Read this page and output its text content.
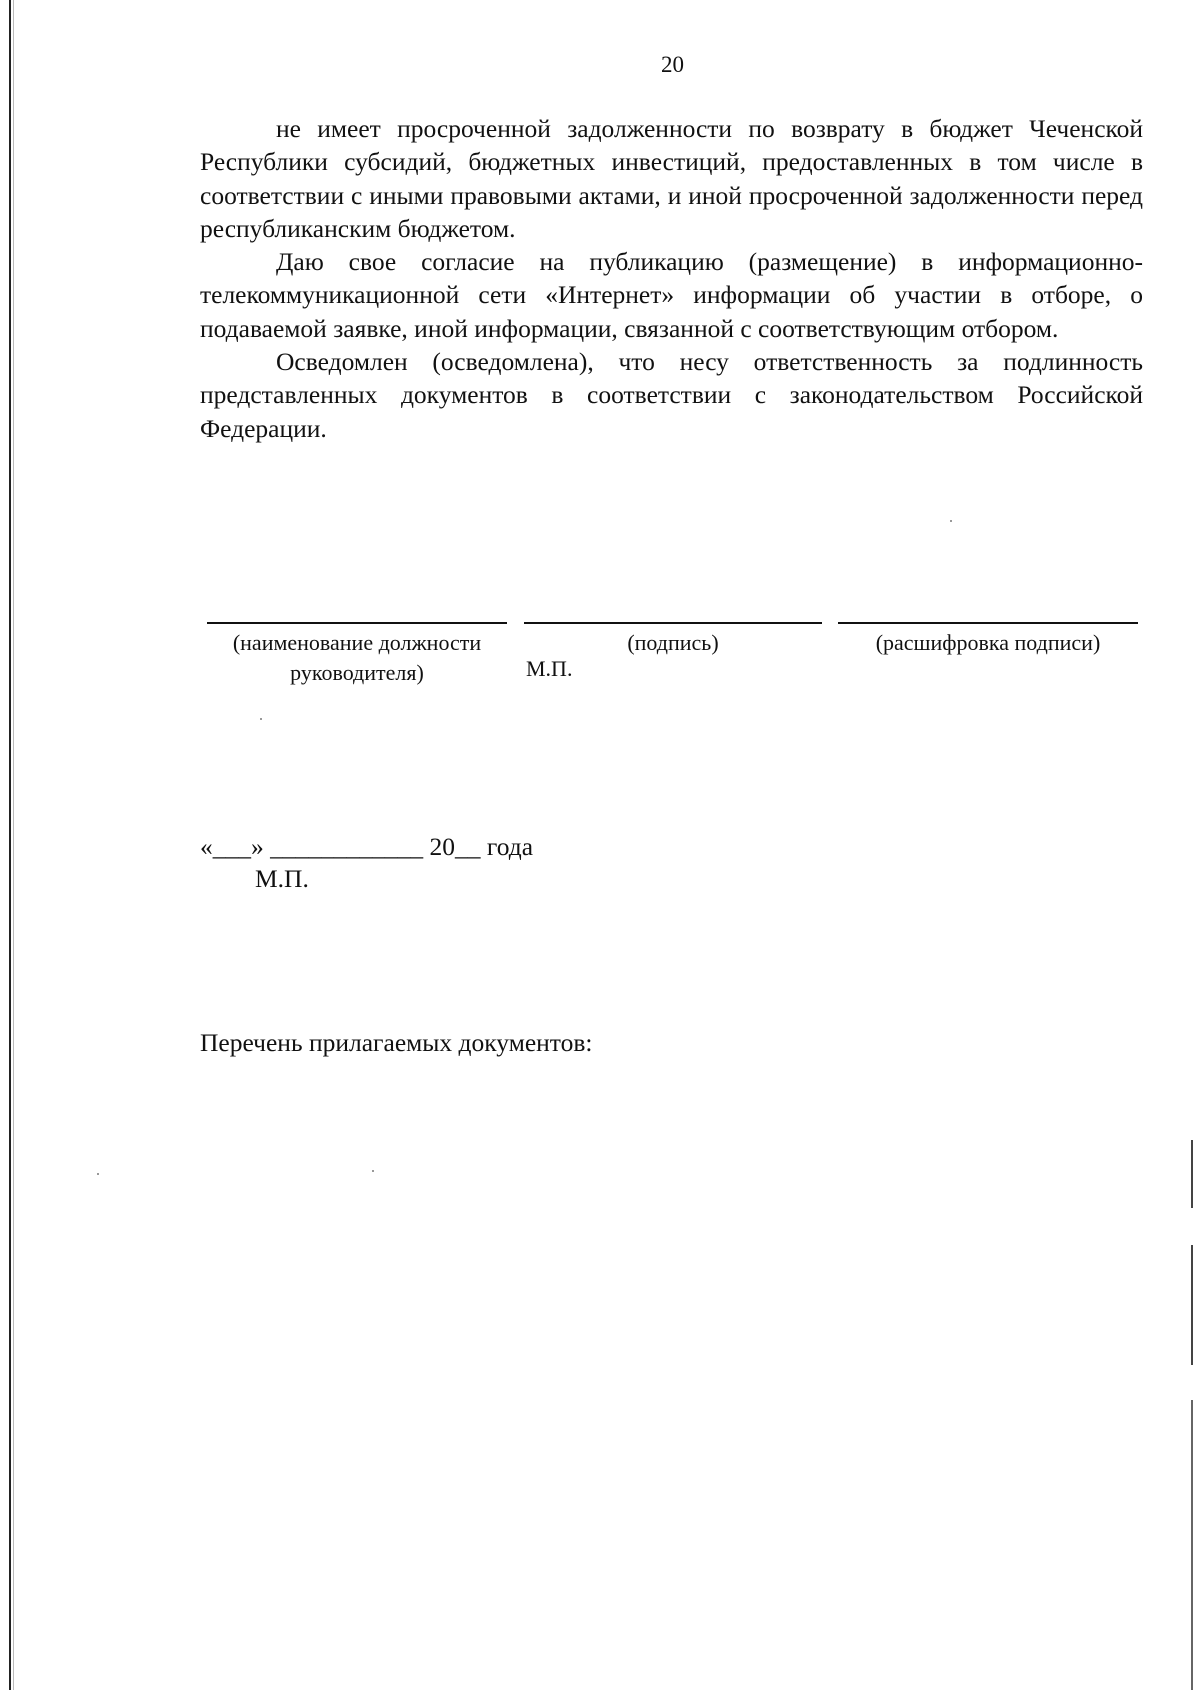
20

не имеет просроченной задолженности по возврату в бюджет Чеченской Республики субсидий, бюджетных инвестиций, предоставленных в том числе в соответствии с иными правовыми актами, и иной просроченной задолженности перед республиканским бюджетом.

Даю свое согласие на публикацию (размещение) в информационно-телекоммуникационной сети «Интернет» информации об участии в отборе, о подаваемой заявке, иной информации, связанной с соответствующим отбором.

Осведомлен (осведомлена), что несу ответственность за подлинность представленных документов в соответствии с законодательством Российской Федерации.

(наименование должности
руководителя)
(подпись)	(расшифровка подписи)
М.П.
«___» ____________ 20__ года
М.П.
Перечень прилагаемых документов:
